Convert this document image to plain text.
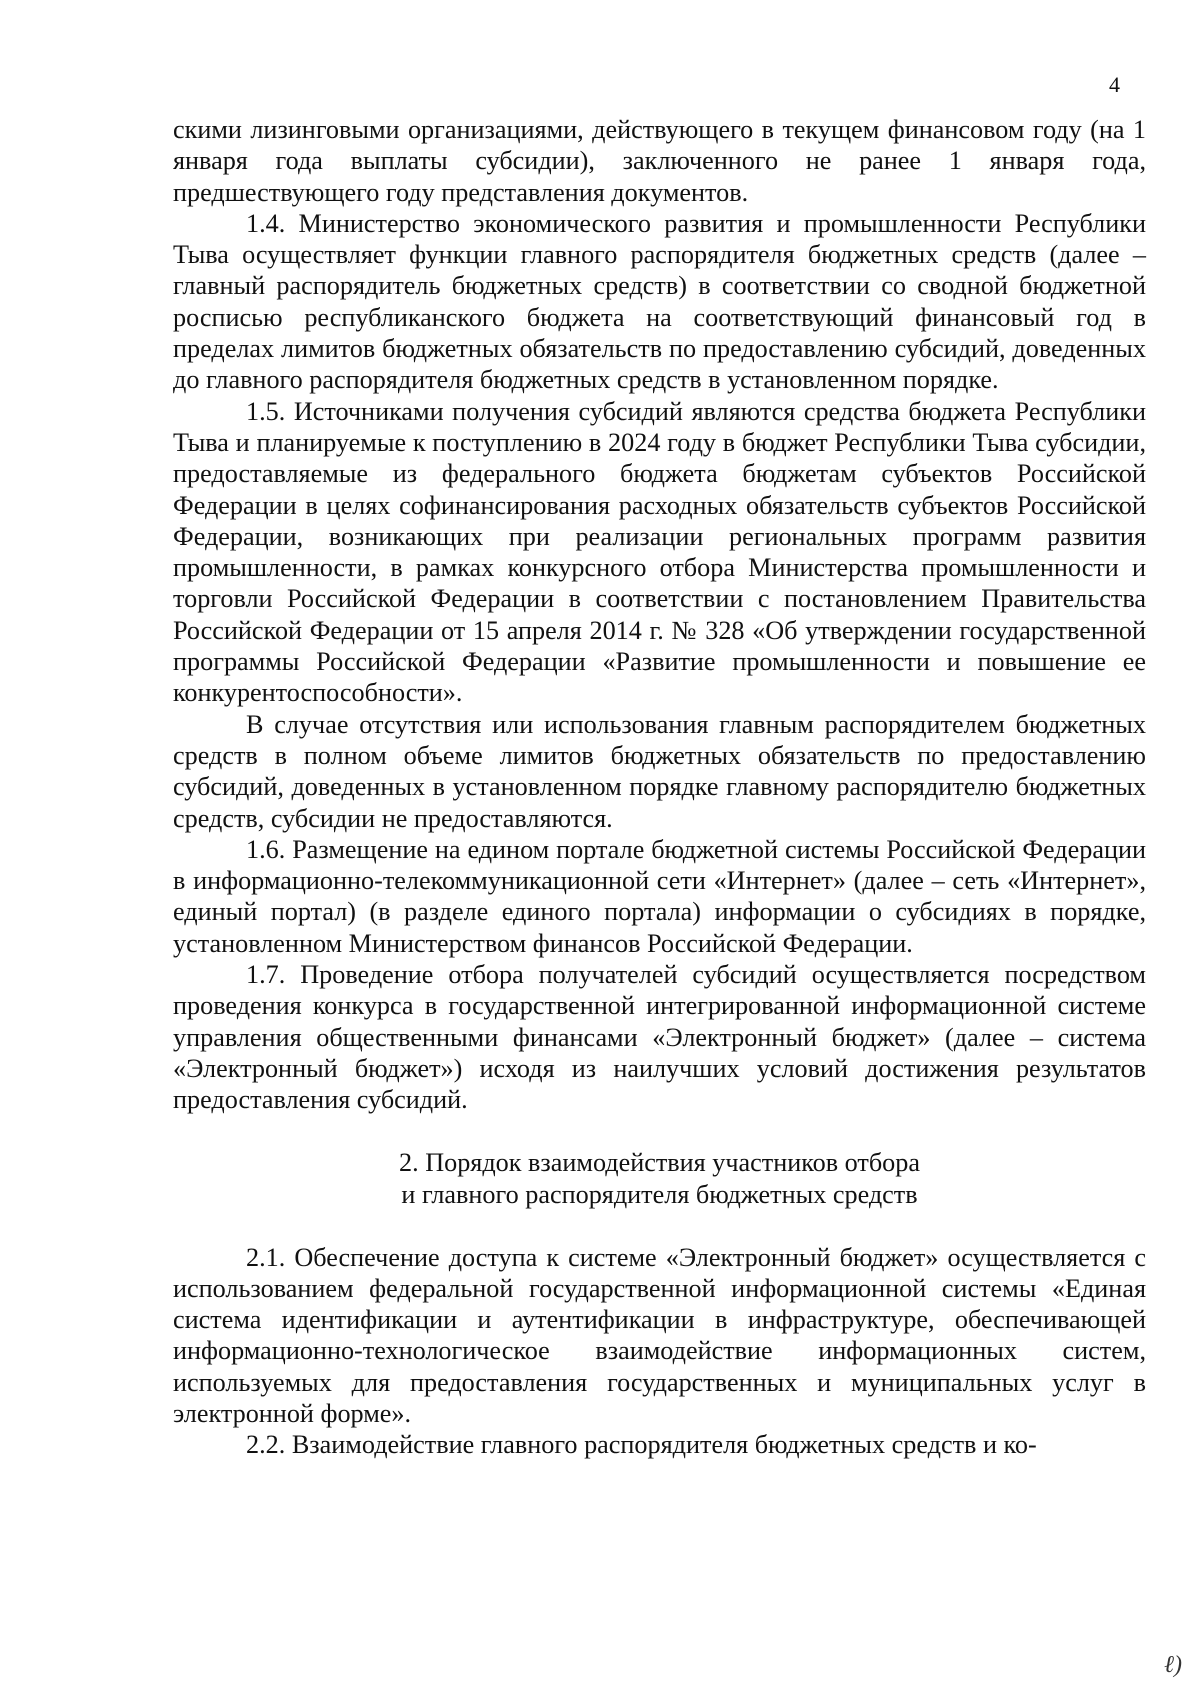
4

скими лизинговыми организациями, действующего в текущем финансовом году (на 1 января года выплаты субсидии), заключенного не ранее 1 января года, предшествующего году представления документов.

1.4. Министерство экономического развития и промышленности Республики Тыва осуществляет функции главного распорядителя бюджетных средств (далее – главный распорядитель бюджетных средств) в соответствии со сводной бюджетной росписью республиканского бюджета на соответствующий финансовый год в пределах лимитов бюджетных обязательств по предоставлению субсидий, доведенных до главного распорядителя бюджетных средств в установленном порядке.

1.5. Источниками получения субсидий являются средства бюджета Республики Тыва и планируемые к поступлению в 2024 году в бюджет Республики Тыва субсидии, предоставляемые из федерального бюджета бюджетам субъектов Российской Федерации в целях софинансирования расходных обязательств субъектов Российской Федерации, возникающих при реализации региональных программ развития промышленности, в рамках конкурсного отбора Министерства промышленности и торговли Российской Федерации в соответствии с постановлением Правительства Российской Федерации от 15 апреля 2014 г. № 328 «Об утверждении государственной программы Российской Федерации «Развитие промышленности и повышение ее конкурентоспособности».

В случае отсутствия или использования главным распорядителем бюджетных средств в полном объеме лимитов бюджетных обязательств по предоставлению субсидий, доведенных в установленном порядке главному распорядителю бюджетных средств, субсидии не предоставляются.

1.6. Размещение на едином портале бюджетной системы Российской Федерации в информационно-телекоммуникационной сети «Интернет» (далее – сеть «Интернет», единый портал) (в разделе единого портала) информации о субсидиях в порядке, установленном Министерством финансов Российской Федерации.

1.7. Проведение отбора получателей субсидий осуществляется посредством проведения конкурса в государственной интегрированной информационной системе управления общественными финансами «Электронный бюджет» (далее – система «Электронный бюджет») исходя из наилучших условий достижения результатов предоставления субсидий.

2. Порядок взаимодействия участников отбора
и главного распорядителя бюджетных средств

2.1. Обеспечение доступа к системе «Электронный бюджет» осуществляется с использованием федеральной государственной информационной системы «Единая система идентификации и аутентификации в инфраструктуре, обеспечивающей информационно-технологическое взаимодействие информационных систем, используемых для предоставления государственных и муниципальных услуг в электронной форме».

2.2. Взаимодействие главного распорядителя бюджетных средств и ко-

ℓ)
